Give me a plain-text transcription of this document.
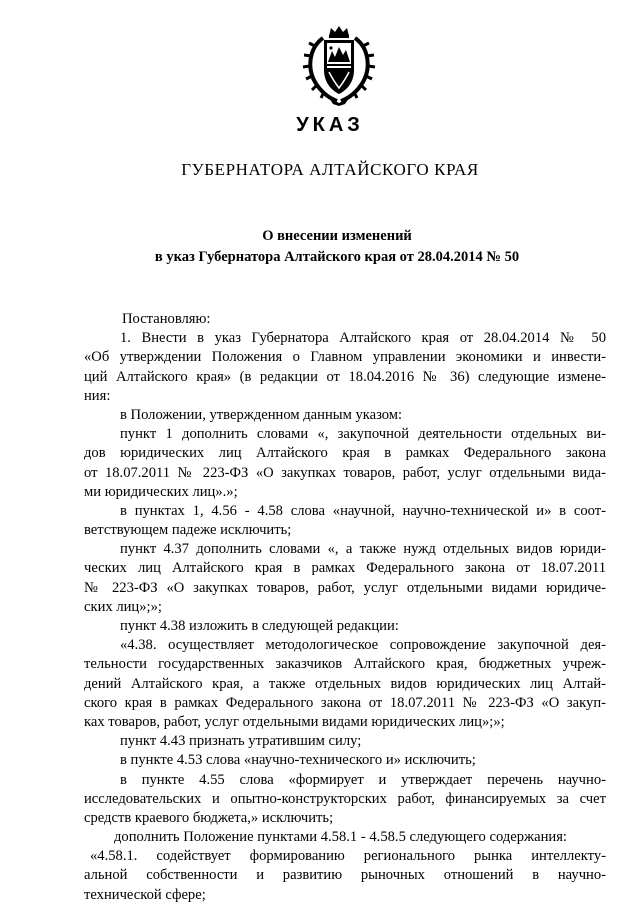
УКАЗ
ГУБЕРНАТОРА АЛТАЙСКОГО КРАЯ
О внесении изменений
в указ Губернатора Алтайского края от 28.04.2014 № 50
Постановляю:
1. Внести в указ Губернатора Алтайского края от 28.04.2014 № 50
«Об утверждении Положения о Главном управлении экономики и инвести-
ций Алтайского края» (в редакции от 18.04.2016 № 36) следующие измене-
ния:
в Положении, утвержденном данным указом:
пункт 1 дополнить словами «, закупочной деятельности отдельных ви-
дов юридических лиц Алтайского края в рамках Федерального закона
от 18.07.2011 № 223-ФЗ «О закупках товаров, работ, услуг отдельными вида-
ми юридических лиц».»;
в пунктах 1, 4.56 - 4.58 слова «научной, научно-технической и» в соот-
ветствующем падеже исключить;
пункт 4.37 дополнить словами «, а также нужд отдельных видов юриди-
ческих лиц Алтайского края в рамках Федерального закона от 18.07.2011
№ 223-ФЗ «О закупках товаров, работ, услуг отдельными видами юридиче-
ских лиц»;»;
пункт 4.38 изложить в следующей редакции:
«4.38. осуществляет методологическое сопровождение закупочной дея-
тельности государственных заказчиков Алтайского края, бюджетных учреж-
дений Алтайского края, а также отдельных видов юридических лиц Алтай-
ского края в рамках Федерального закона от 18.07.2011 № 223-ФЗ «О закуп-
ках товаров, работ, услуг отдельными видами юридических лиц»;»;
пункт 4.43 признать утратившим силу;
в пункте 4.53 слова «научно-технического и» исключить;
в пункте 4.55 слова «формирует и утверждает перечень научно-
исследовательских и опытно-конструкторских работ, финансируемых за счет
средств краевого бюджета,» исключить;
дополнить Положение пунктами 4.58.1 - 4.58.5 следующего содержания:
«4.58.1. содействует формированию регионального рынка интеллекту-
альной собственности и развитию рыночных отношений в научно-
технической сфере;
